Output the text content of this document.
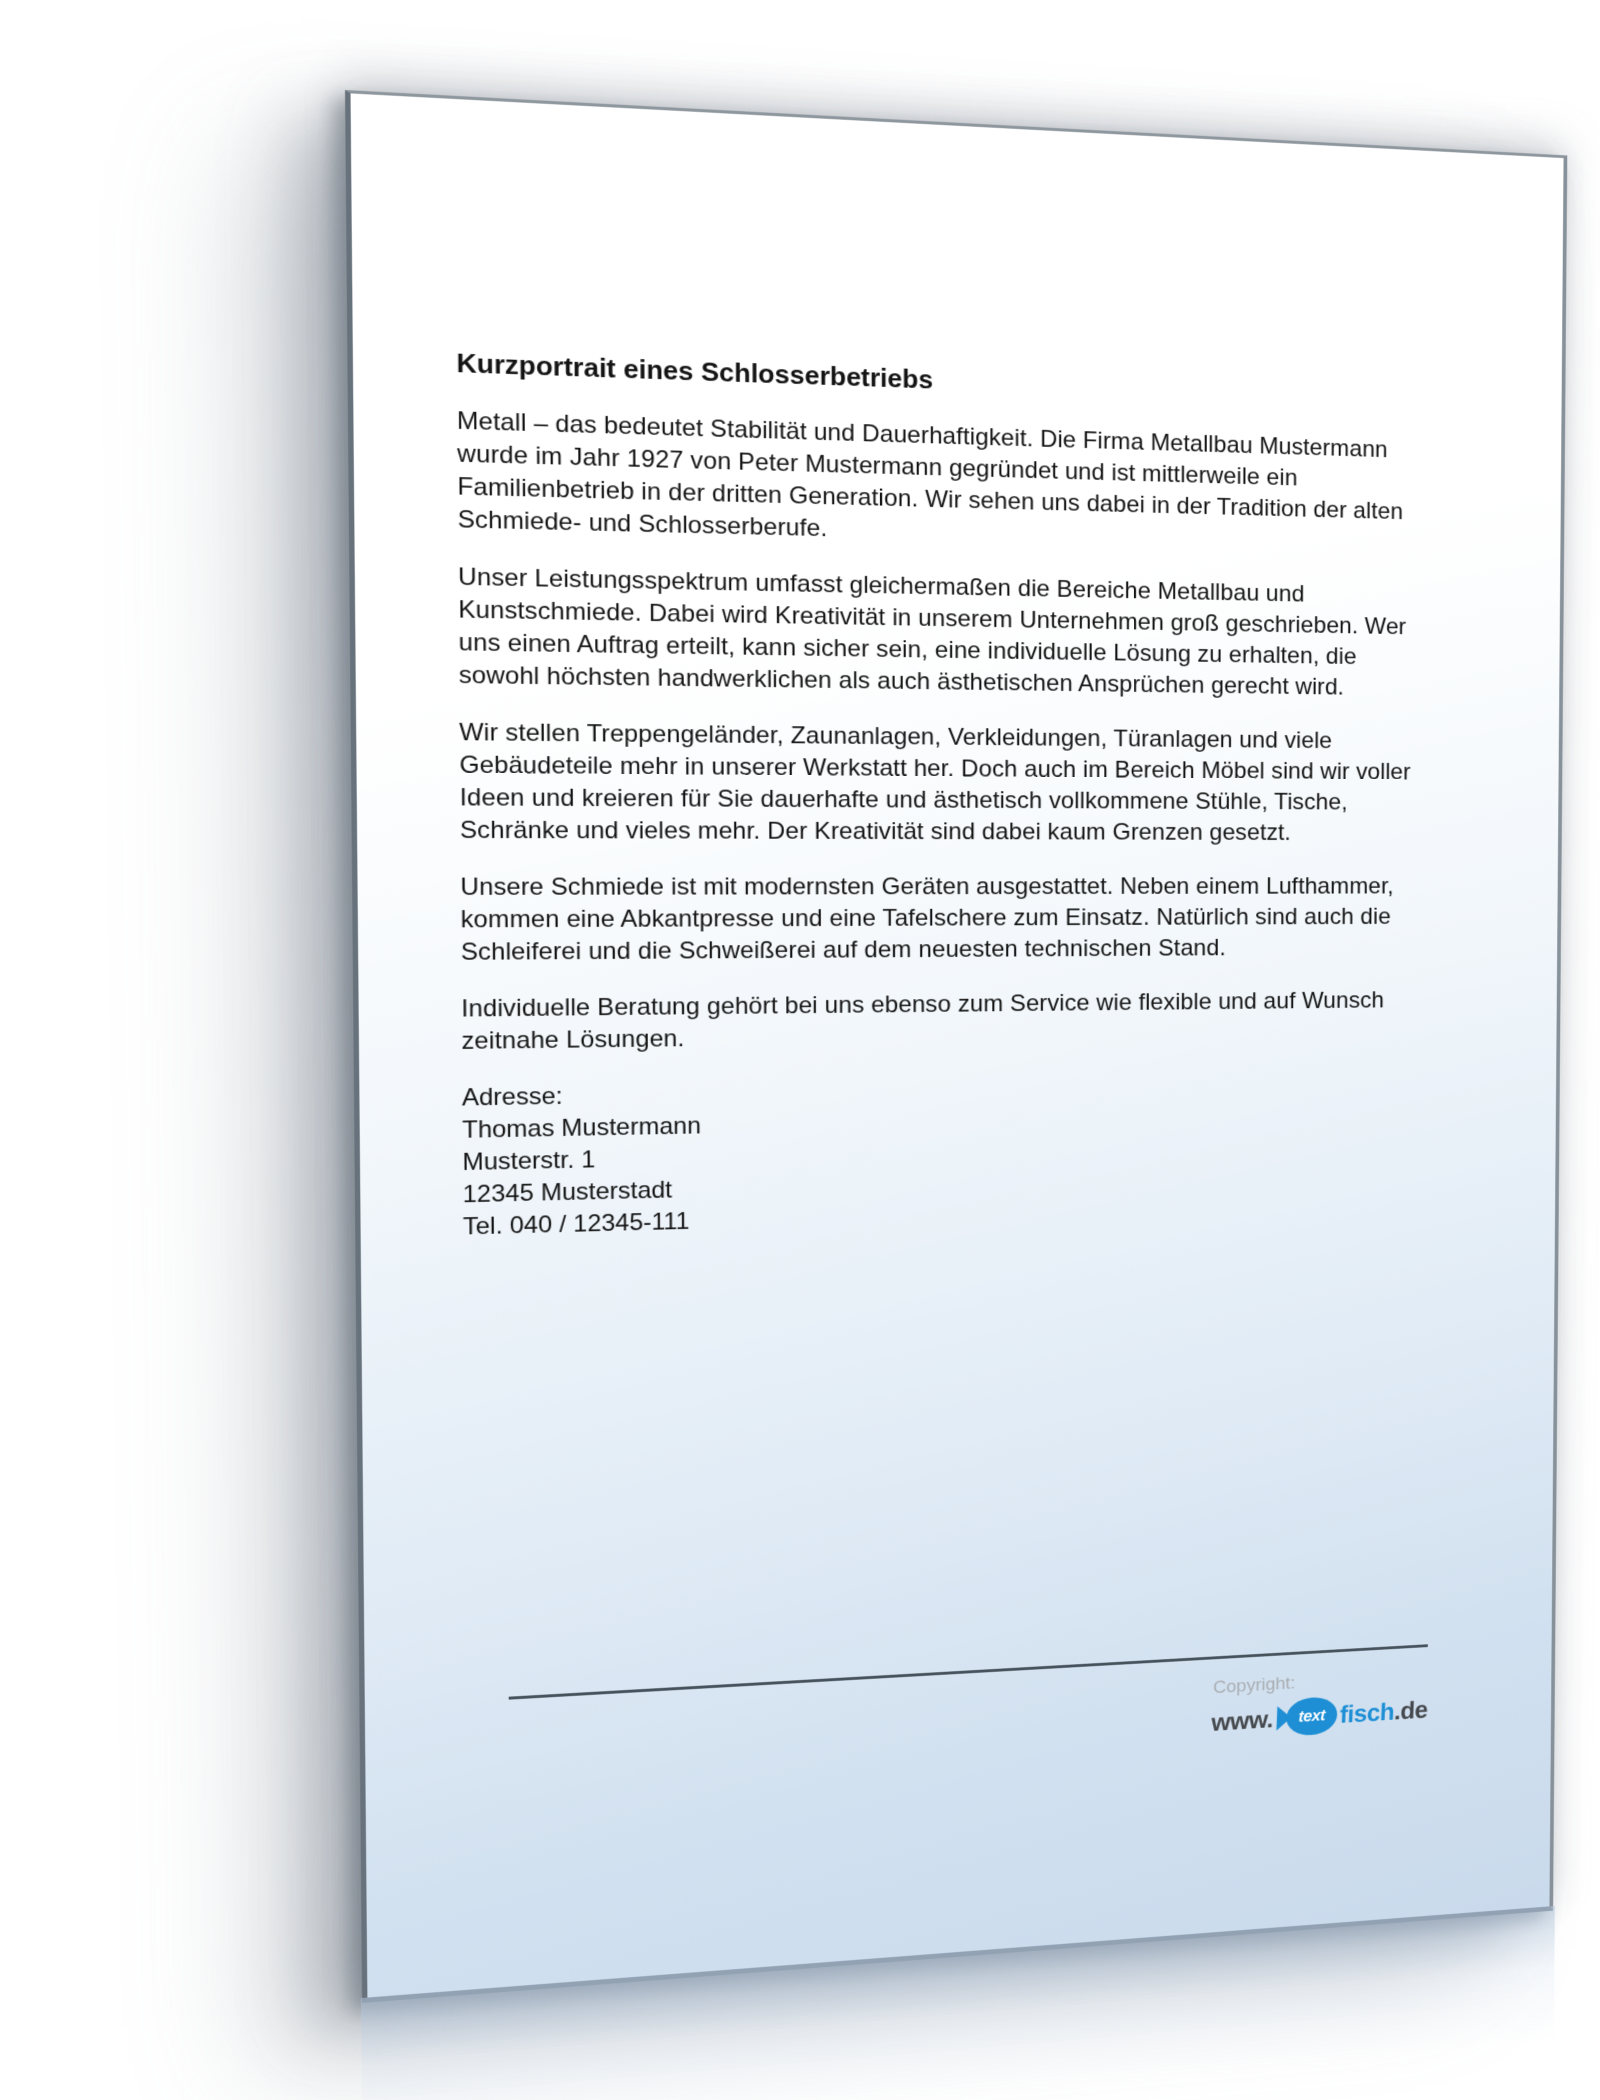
Kurzportrait eines Schlosserbetriebs

Metall – das bedeutet Stabilität und Dauerhaftigkeit. Die Firma Metallbau Mustermann
wurde im Jahr 1927 von Peter Mustermann gegründet und ist mittlerweile ein
Familienbetrieb in der dritten Generation. Wir sehen uns dabei in der Tradition der alten
Schmiede- und Schlosserberufe.

Unser Leistungsspektrum umfasst gleichermaßen die Bereiche Metallbau und
Kunstschmiede. Dabei wird Kreativität in unserem Unternehmen groß geschrieben. Wer
uns einen Auftrag erteilt, kann sicher sein, eine individuelle Lösung zu erhalten, die
sowohl höchsten handwerklichen als auch ästhetischen Ansprüchen gerecht wird.

Wir stellen Treppengeländer, Zaunanlagen, Verkleidungen, Türanlagen und viele
Gebäudeteile mehr in unserer Werkstatt her. Doch auch im Bereich Möbel sind wir voller
Ideen und kreieren für Sie dauerhafte und ästhetisch vollkommene Stühle, Tische,
Schränke und vieles mehr. Der Kreativität sind dabei kaum Grenzen gesetzt.

Unsere Schmiede ist mit modernsten Geräten ausgestattet. Neben einem Lufthammer,
kommen eine Abkantpresse und eine Tafelschere zum Einsatz. Natürlich sind auch die
Schleiferei und die Schweißerei auf dem neuesten technischen Stand.

Individuelle Beratung gehört bei uns ebenso zum Service wie flexible und auf Wunsch
zeitnahe Lösungen.

Adresse:

Thomas Mustermann

Musterstr. 1

12345 Musterstadt

Tel. 040 / 12345-111

Copyright:

www.	text fisch
.de
